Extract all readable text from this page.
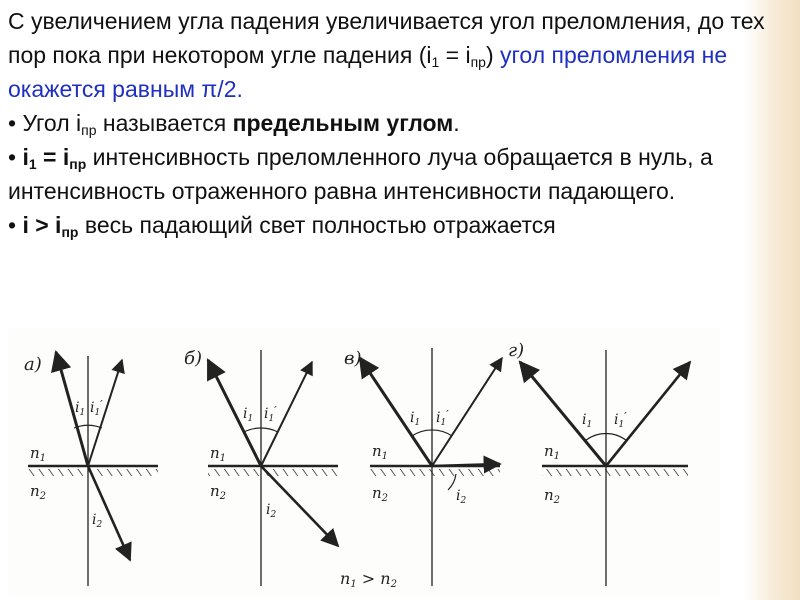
С увеличением угла падения увеличивается угол преломления, до тех пор пока при некотором угле падения $(i_1 = i_{пр})$ угол преломления не окажется равным π/2.

• Угол $i_{пр}$ называется предельным углом.

• $i_1 = i_{пр}$ интенсивность преломленного луча обращается в нуль, а интенсивность отраженного равна интенсивности падающего.

• $i > i_{пр}$ весь падающий свет полностью отражается

а)
$i_1$ $i_1'$
$n_1$
$n_2$
$i_2$
б)
$i_1$ $i_1'$
$n_1$
$n_2$
$i_2$
в)
$i_1$ $i_1'$
$n_1$
$n_2$	$i_2$
г)
$i_1$ $i_1'$
$n_1$
$n_2$
n1 > n2
